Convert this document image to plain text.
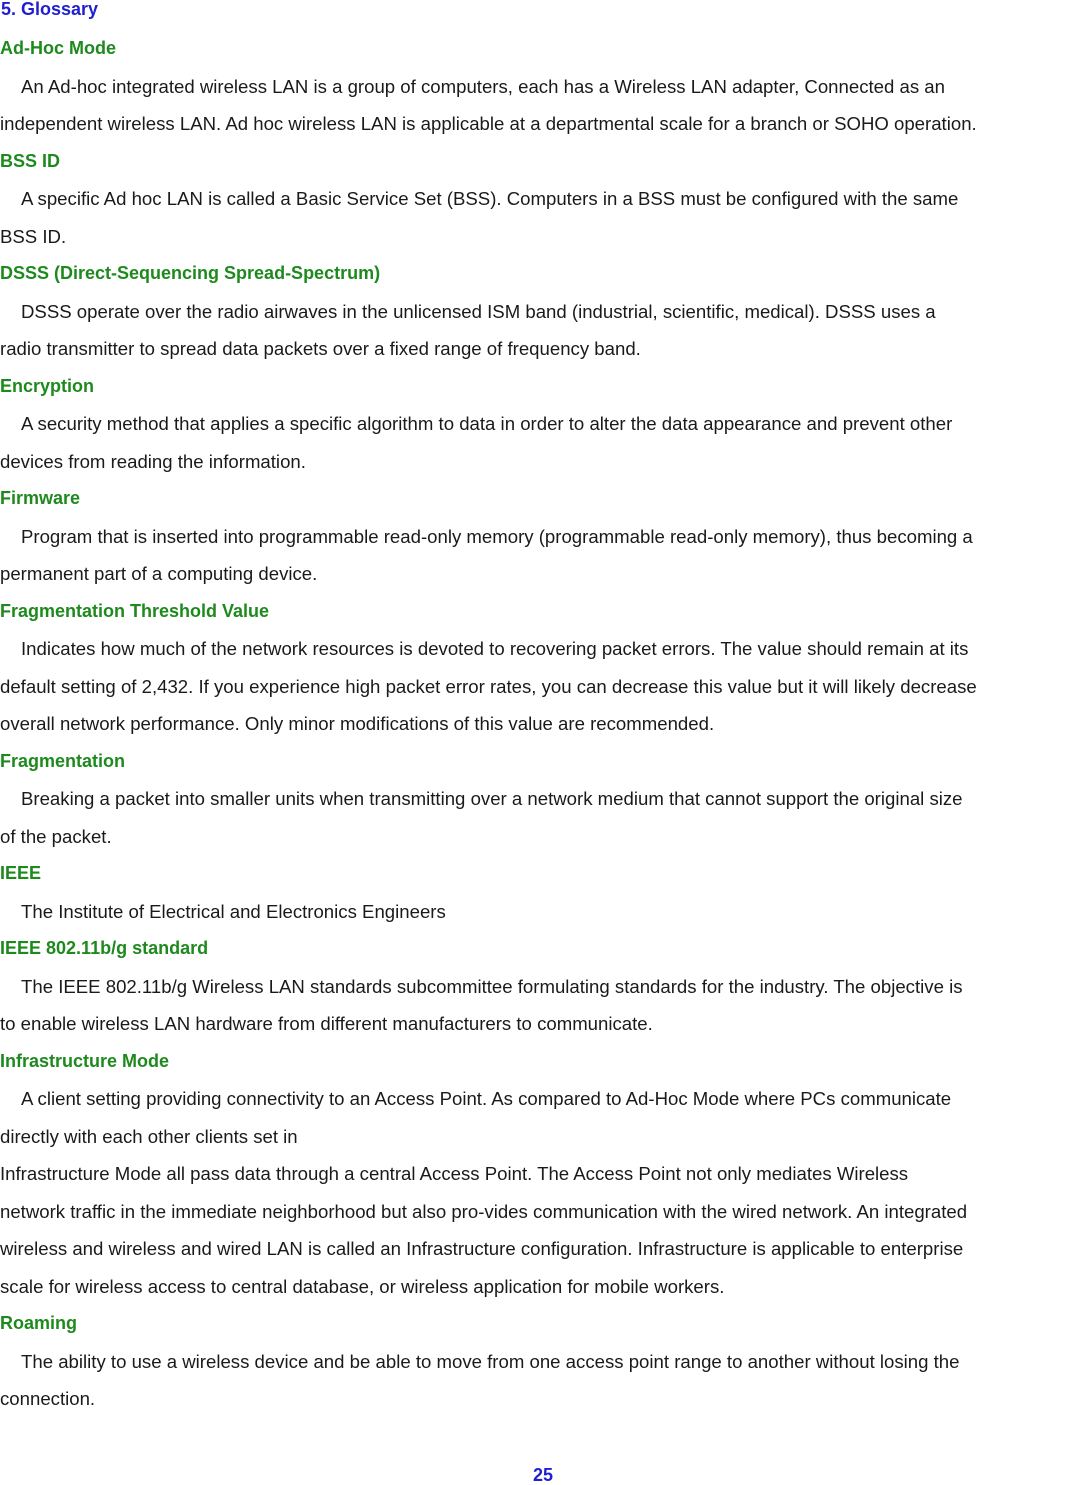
5. Glossary

Ad-Hoc Mode

An Ad-hoc integrated wireless LAN is a group of computers, each has a Wireless LAN adapter, Connected as an
independent wireless LAN. Ad hoc wireless LAN is applicable at a departmental scale for a branch or SOHO operation.

BSS ID

A specific Ad hoc LAN is called a Basic Service Set (BSS). Computers in a BSS must be configured with the same
BSS ID.

DSSS (Direct-Sequencing Spread-Spectrum)

DSSS operate over the radio airwaves in the unlicensed ISM band (industrial, scientific, medical). DSSS uses a
radio transmitter to spread data packets over a fixed range of frequency band.

Encryption

A security method that applies a specific algorithm to data in order to alter the data appearance and prevent other
devices from reading the information.

Firmware

Program that is inserted into programmable read-only memory (programmable read-only memory), thus becoming a
permanent part of a computing device.

Fragmentation Threshold Value

Indicates how much of the network resources is devoted to recovering packet errors. The value should remain at its
default setting of 2,432. If you experience high packet error rates, you can decrease this value but it will likely decrease
overall network performance. Only minor modifications of this value are recommended.

Fragmentation

Breaking a packet into smaller units when transmitting over a network medium that cannot support the original size
of the packet.

IEEE

The Institute of Electrical and Electronics Engineers

IEEE 802.11b/g standard

The IEEE 802.11b/g Wireless LAN standards subcommittee formulating standards for the industry. The objective is
to enable wireless LAN hardware from different manufacturers to communicate.

Infrastructure Mode

A client setting providing connectivity to an Access Point. As compared to Ad-Hoc Mode where PCs communicate
directly with each other clients set in
Infrastructure Mode all pass data through a central Access Point. The Access Point not only mediates Wireless
network traffic in the immediate neighborhood but also pro-vides communication with the wired network. An integrated
wireless and wireless and wired LAN is called an Infrastructure configuration. Infrastructure is applicable to enterprise
scale for wireless access to central database, or wireless application for mobile workers.

Roaming

The ability to use a wireless device and be able to move from one access point range to another without losing the
connection.

25
